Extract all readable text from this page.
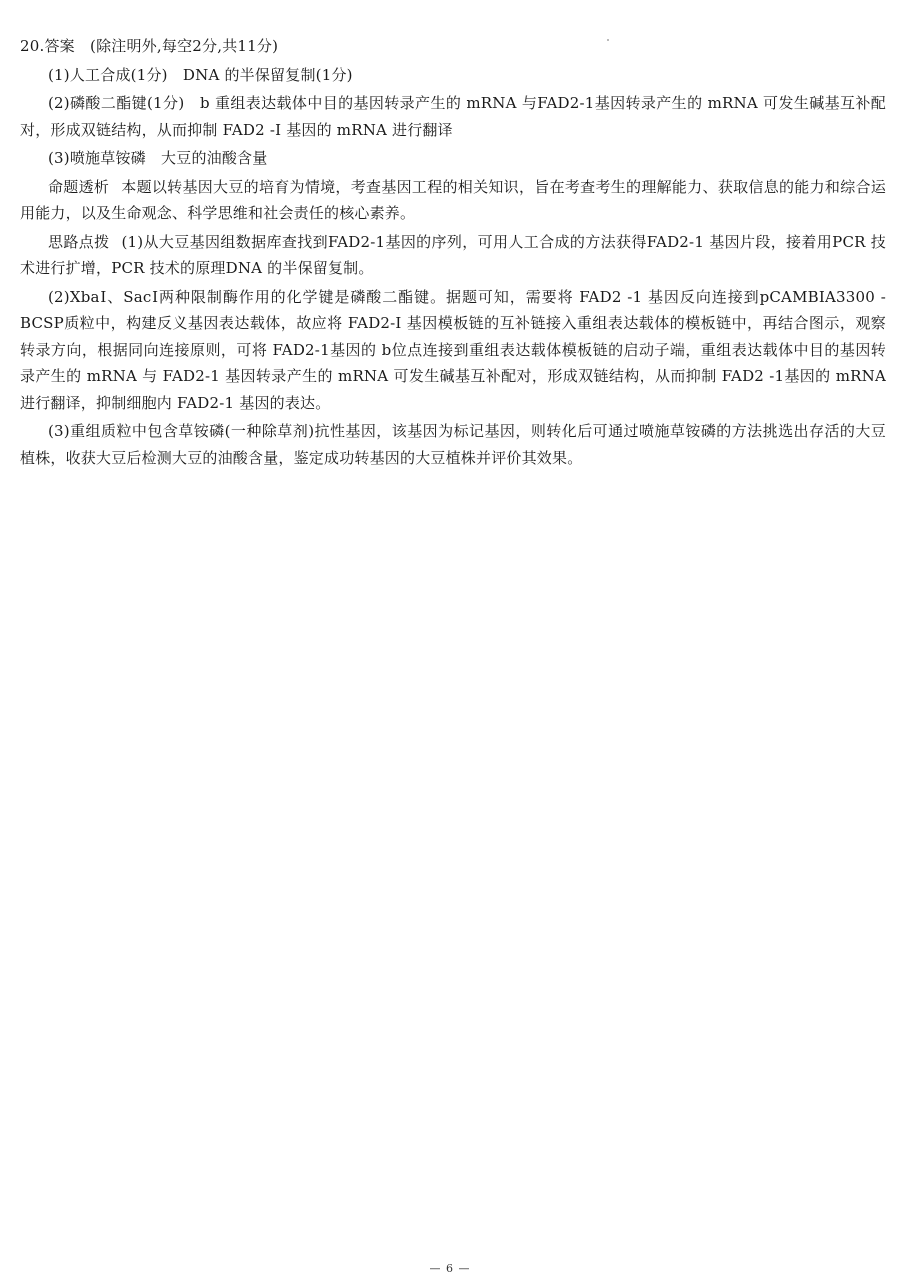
20.答案　(除注明外,每空2分,共11分)

(1)人工合成(1分)　DNA 的半保留复制(1分)

(2)磷酸二酯键(1分)　b 重组表达载体中目的基因转录产生的 mRNA 与FAD2-1基因转录产生的 mRNA 可发生碱基互补配对，形成双链结构，从而抑制 FAD2 -I 基因的 mRNA 进行翻译

(3)喷施草铵磷　大豆的油酸含量

命题透析 本题以转基因大豆的培育为情境，考查基因工程的相关知识，旨在考查考生的理解能力、获取信息的能力和综合运用能力，以及生命观念、科学思维和社会责任的核心素养。

思路点拨 (1)从大豆基因组数据库查找到FAD2-1基因的序列，可用人工合成的方法获得FAD2-1 基因片段，接着用PCR 技术进行扩增，PCR 技术的原理DNA 的半保留复制。

(2)XbaⅠ、SacⅠ两种限制酶作用的化学键是磷酸二酯键。据题可知，需要将 FAD2 -1 基因反向连接到pCAMBIA3300 -BCSP质粒中，构建反义基因表达载体，故应将 FAD2-I 基因模板链的互补链接入重组表达载体的模板链中，再结合图示，观察转录方向，根据同向连接原则，可将 FAD2-1基因的 b位点连接到重组表达载体模板链的启动子端，重组表达载体中目的基因转录产生的 mRNA 与 FAD2-1 基因转录产生的 mRNA 可发生碱基互补配对，形成双链结构，从而抑制 FAD2 -1基因的 mRNA 进行翻译，抑制细胞内 FAD2-1 基因的表达。

(3)重组质粒中包含草铵磷(一种除草剂)抗性基因，该基因为标记基因，则转化后可通过喷施草铵磷的方法挑选出存活的大豆植株，收获大豆后检测大豆的油酸含量，鉴定成功转基因的大豆植株并评价其效果。

— 6 —
